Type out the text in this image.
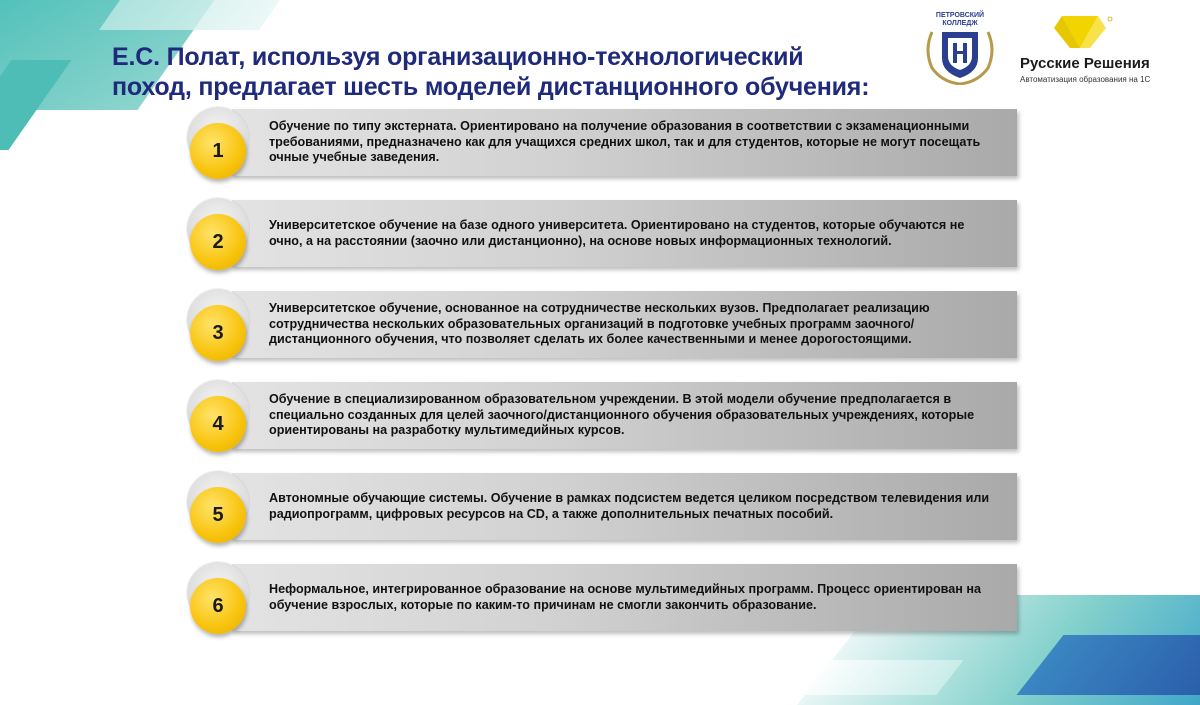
Е.С. Полат, используя организационно-технологический поход, предлагает шесть моделей дистанционного обучения:
ПЕТРОВСКИЙ КОЛЛЕДЖ
Русские Решения
Автоматизация образования на 1С
1
Обучение по типу экстерната. Ориентировано на получение образования в соответствии с экзаменационными требованиями, предназначено как для учащихся средних школ, так и для студентов, которые не могут посещать очные учебные заведения.
2
Университетское обучение на базе одного университета. Ориентировано на студентов, которые обучаются не очно, а на расстоянии (заочно или дистанционно), на основе новых информационных технологий.
3
Университетское обучение, основанное на сотрудничестве нескольких вузов. Предполагает реализацию сотрудничества нескольких образовательных организаций в подготовке учебных программ заочного/дистанционного обучения, что позволяет сделать их более качественными и менее дорогостоящими.
4
Обучение в специализированном образовательном учреждении. В этой модели обучение предполагается в специально созданных для целей заочного/дистанционного обучения образовательных учреждениях, которые ориентированы на разработку мультимедийных курсов.
5
Автономные обучающие системы. Обучение в рамках подсистем ведется целиком посредством телевидения или радиопрограмм, цифровых ресурсов на CD, а также дополнительных печатных пособий.
6
Неформальное, интегрированное образование на основе мультимедийных программ. Процесс ориентирован на обучение взрослых, которые по каким-то причинам не смогли закончить образование.
